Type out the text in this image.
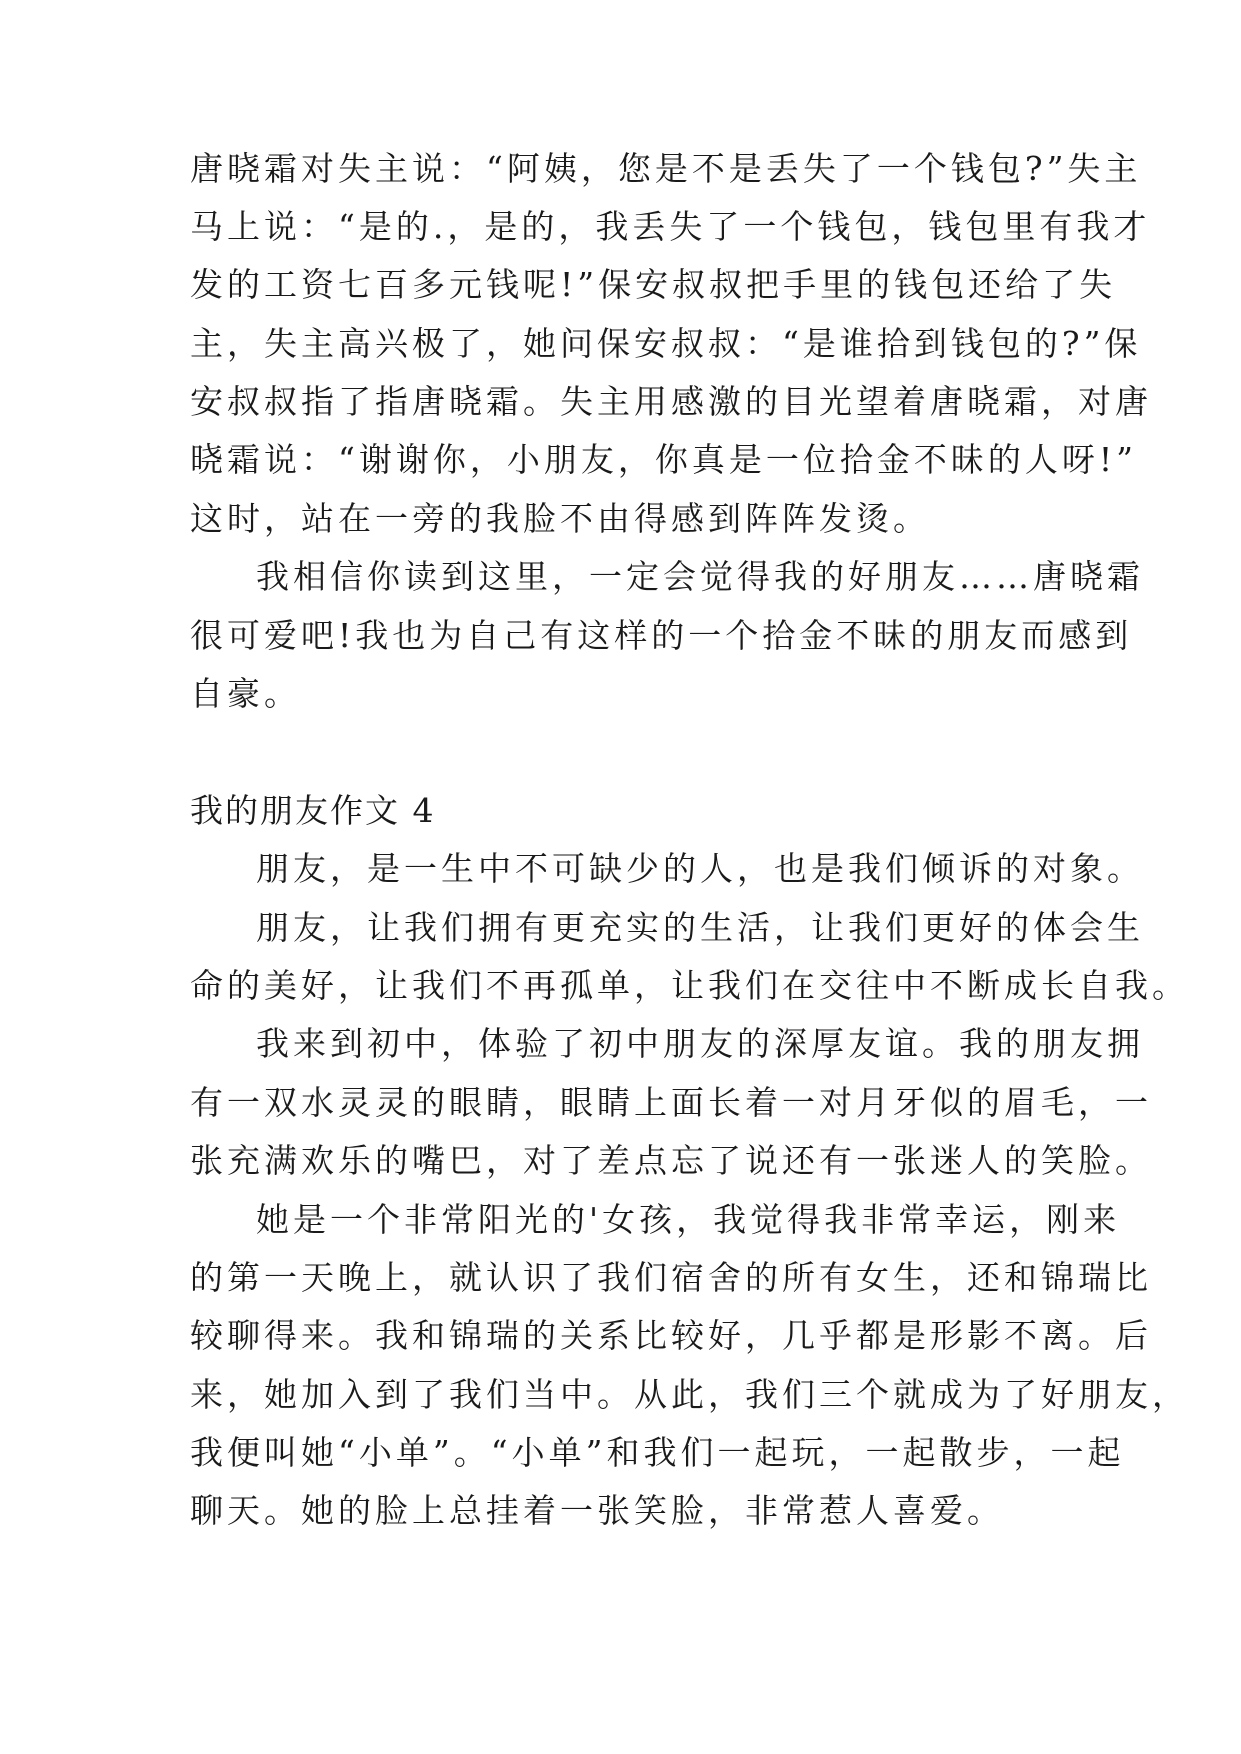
唐晓霜对失主说：“阿姨，您是不是丢失了一个钱包?”失主
马上说：“是的.，是的，我丢失了一个钱包，钱包里有我才
发的工资七百多元钱呢!”保安叔叔把手里的钱包还给了失
主，失主高兴极了，她问保安叔叔：“是谁拾到钱包的?”保
安叔叔指了指唐晓霜。失主用感激的目光望着唐晓霜，对唐
晓霜说：“谢谢你，小朋友，你真是一位拾金不昧的人呀!”
这时，站在一旁的我脸不由得感到阵阵发烫。
我相信你读到这里，一定会觉得我的好朋友……唐晓霜
很可爱吧!我也为自己有这样的一个拾金不昧的朋友而感到
自豪。
我的朋友作文 4
朋友，是一生中不可缺少的人，也是我们倾诉的对象。
朋友，让我们拥有更充实的生活，让我们更好的体会生
命的美好，让我们不再孤单，让我们在交往中不断成长自我。
我来到初中，体验了初中朋友的深厚友谊。我的朋友拥
有一双水灵灵的眼睛，眼睛上面长着一对月牙似的眉毛，一
张充满欢乐的嘴巴，对了差点忘了说还有一张迷人的笑脸。
她是一个非常阳光的'女孩，我觉得我非常幸运，刚来
的第一天晚上，就认识了我们宿舍的所有女生，还和锦瑞比
较聊得来。我和锦瑞的关系比较好，几乎都是形影不离。后
来，她加入到了我们当中。从此，我们三个就成为了好朋友，
我便叫她“小单”。“小单”和我们一起玩，一起散步，一起
聊天。她的脸上总挂着一张笑脸，非常惹人喜爱。
